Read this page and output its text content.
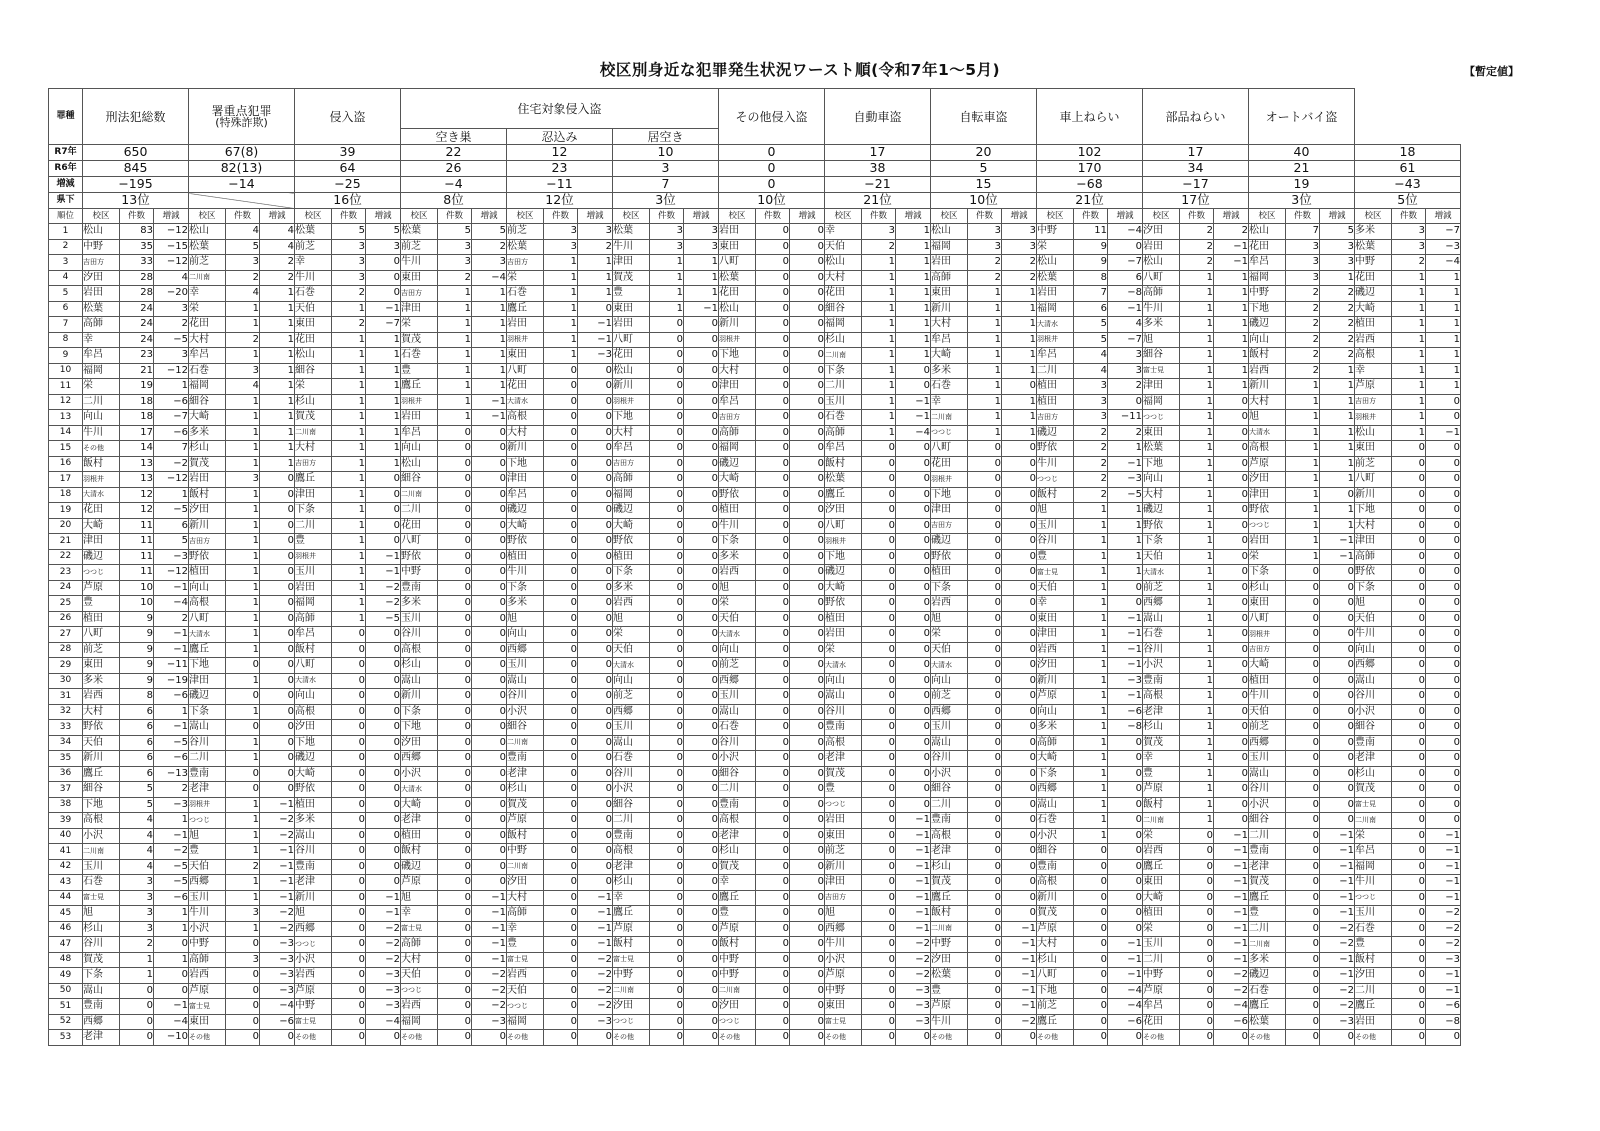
校区別身近な犯罪発生状況ワースト順(令和7年1～5月)	【暫定値】
罪種	刑法犯総数			署重点犯罪
(特殊詐欺)			侵入盗			住宅対象侵入盗									その他侵入盗			自動車盗			自転車盗			車上ねらい			部品ねらい			オートバイ盗					

										空き巣			忍込み			居空き																							
R7年	650			67(8)			39			22			12			10			0			17			20			102			17			40			18		
R6年	845			82(13)			64			26			23			3			0			38			5			170			34			21			61		
増減	−195			−14			−25			−4			−11			7			0			−21			15			−68			−17			19			−43		
県下	13位						16位			8位			12位			3位			10位			21位			10位			21位			17位			3位			5位		
順位	校区	件数	増減	校区	件数	増減	校区	件数	増減	校区	件数	増減	校区	件数	増減	校区	件数	増減	校区	件数	増減	校区	件数	増減	校区	件数	増減	校区	件数	増減	校区	件数	増減	校区	件数	増減	校区	件数	増減
1	松山	83	−12	松山	4	4	松葉	5	5	松葉	5	5	前芝	3	3	松葉	3	3	岩田	0	0	幸	3	1	松山	3	3	中野	11	−4	汐田	2	2	松山	7	5	多米	3	−7
2	中野	35	−15	松葉	5	4	前芝	3	3	前芝	3	2	松葉	3	2	牛川	3	3	東田	0	0	天伯	2	1	福岡	3	3	栄	9	0	岩田	2	−1	花田	3	3	松葉	3	−3
3	吉田方	33	−12	前芝	3	2	幸	3	0	牛川	3	3	吉田方	1	1	津田	1	1	八町	0	0	松山	1	1	岩田	2	2	松山	9	−7	松山	2	−1	牟呂	3	3	中野	2	−4
4	汐田	28	4	二川南	2	2	牛川	3	0	東田	2	−4	栄	1	1	賀茂	1	1	松葉	0	0	大村	1	1	高師	2	2	松葉	8	6	八町	1	1	福岡	3	1	花田	1	1
5	岩田	28	−20	幸	4	1	石巻	2	0	吉田方	1	1	石巻	1	1	豊	1	1	花田	0	0	花田	1	1	東田	1	1	岩田	7	−8	高師	1	1	中野	2	2	磯辺	1	1
6	松葉	24	3	栄	1	1	天伯	1	−1	津田	1	1	鷹丘	1	0	東田	1	−1	松山	0	0	細谷	1	1	新川	1	1	福岡	6	−1	牛川	1	1	下地	2	2	大崎	1	1
7	高師	24	2	花田	1	1	東田	2	−7	栄	1	1	岩田	1	−1	岩田	0	0	新川	0	0	福岡	1	1	大村	1	1	大清水	5	4	多米	1	1	磯辺	2	2	植田	1	1
8	幸	24	−5	大村	2	1	花田	1	1	賀茂	1	1	羽根井	1	−1	八町	0	0	羽根井	0	0	杉山	1	1	牟呂	1	1	羽根井	5	−7	旭	1	1	向山	2	2	岩西	1	1
9	牟呂	23	3	牟呂	1	1	松山	1	1	石巻	1	1	東田	1	−3	花田	0	0	下地	0	0	二川南	1	1	大崎	1	1	牟呂	4	3	細谷	1	1	飯村	2	2	高根	1	1
10	福岡	21	−12	石巻	3	1	細谷	1	1	豊	1	1	八町	0	0	松山	0	0	大村	0	0	下条	1	0	多米	1	1	二川	4	3	富士見	1	1	岩西	2	1	幸	1	1
11	栄	19	1	福岡	4	1	栄	1	1	鷹丘	1	1	花田	0	0	新川	0	0	津田	0	0	二川	1	0	石巻	1	0	植田	3	2	津田	1	1	新川	1	1	芦原	1	1
12	二川	18	−6	細谷	1	1	杉山	1	1	羽根井	1	−1	大清水	0	0	羽根井	0	0	牟呂	0	0	玉川	1	−1	幸	1	1	植田	3	0	福岡	1	0	大村	1	1	吉田方	1	0
13	向山	18	−7	大崎	1	1	賀茂	1	1	岩田	1	−1	高根	0	0	下地	0	0	吉田方	0	0	石巻	1	−1	二川南	1	1	吉田方	3	−11	つつじ	1	0	旭	1	1	羽根井	1	0
14	牛川	17	−6	多米	1	1	二川南	1	1	牟呂	0	0	大村	0	0	大村	0	0	高師	0	0	高師	1	−4	つつじ	1	1	磯辺	2	2	東田	1	0	大清水	1	1	松山	1	−1
15	その他	14	7	杉山	1	1	大村	1	1	向山	0	0	新川	0	0	牟呂	0	0	福岡	0	0	牟呂	0	0	八町	0	0	野依	2	1	松葉	1	0	高根	1	1	東田	0	0
16	飯村	13	−2	賀茂	1	1	吉田方	1	1	松山	0	0	下地	0	0	吉田方	0	0	磯辺	0	0	飯村	0	0	花田	0	0	牛川	2	−1	下地	1	0	芦原	1	1	前芝	0	0
17	羽根井	13	−12	岩田	3	0	鷹丘	1	0	細谷	0	0	津田	0	0	高師	0	0	大崎	0	0	松葉	0	0	羽根井	0	0	つつじ	2	−3	向山	1	0	汐田	1	1	八町	0	0
18	大清水	12	1	飯村	1	0	津田	1	0	二川南	0	0	牟呂	0	0	福岡	0	0	野依	0	0	鷹丘	0	0	下地	0	0	飯村	2	−5	大村	1	0	津田	1	0	新川	0	0
19	花田	12	−5	汐田	1	0	下条	1	0	二川	0	0	磯辺	0	0	磯辺	0	0	植田	0	0	汐田	0	0	津田	0	0	旭	1	1	磯辺	1	0	野依	1	1	下地	0	0
20	大崎	11	6	新川	1	0	二川	1	0	花田	0	0	大崎	0	0	大崎	0	0	牛川	0	0	八町	0	0	吉田方	0	0	玉川	1	1	野依	1	0	つつじ	1	1	大村	0	0
21	津田	11	5	吉田方	1	0	豊	1	0	八町	0	0	野依	0	0	野依	0	0	下条	0	0	羽根井	0	0	磯辺	0	0	谷川	1	1	下条	1	0	岩田	1	−1	津田	0	0
22	磯辺	11	−3	野依	1	0	羽根井	1	−1	野依	0	0	植田	0	0	植田	0	0	多米	0	0	下地	0	0	野依	0	0	豊	1	1	天伯	1	0	栄	1	−1	高師	0	0
23	つつじ	11	−12	植田	1	0	玉川	1	−1	中野	0	0	牛川	0	0	下条	0	0	岩西	0	0	磯辺	0	0	植田	0	0	富士見	1	1	大清水	1	0	下条	0	0	野依	0	0
24	芦原	10	−1	向山	1	0	岩田	1	−2	豊南	0	0	下条	0	0	多米	0	0	旭	0	0	大崎	0	0	下条	0	0	天伯	1	0	前芝	1	0	杉山	0	0	下条	0	0
25	豊	10	−4	高根	1	0	福岡	1	−2	多米	0	0	多米	0	0	岩西	0	0	栄	0	0	野依	0	0	岩西	0	0	幸	1	0	西郷	1	0	東田	0	0	旭	0	0
26	植田	9	2	八町	1	0	高師	1	−5	玉川	0	0	旭	0	0	旭	0	0	天伯	0	0	植田	0	0	旭	0	0	東田	1	−1	嵩山	1	0	八町	0	0	天伯	0	0
27	八町	9	−1	大清水	1	0	牟呂	0	0	谷川	0	0	向山	0	0	栄	0	0	大清水	0	0	岩田	0	0	栄	0	0	津田	1	−1	石巻	1	0	羽根井	0	0	牛川	0	0
28	前芝	9	−1	鷹丘	1	0	飯村	0	0	高根	0	0	西郷	0	0	天伯	0	0	向山	0	0	栄	0	0	天伯	0	0	岩西	1	−1	谷川	1	0	吉田方	0	0	向山	0	0
29	東田	9	−11	下地	0	0	八町	0	0	杉山	0	0	玉川	0	0	大清水	0	0	前芝	0	0	大清水	0	0	大清水	0	0	汐田	1	−1	小沢	1	0	大崎	0	0	西郷	0	0
30	多米	9	−19	津田	1	0	大清水	0	0	嵩山	0	0	嵩山	0	0	向山	0	0	西郷	0	0	向山	0	0	向山	0	0	新川	1	−3	豊南	1	0	植田	0	0	嵩山	0	0
31	岩西	8	−6	磯辺	0	0	向山	0	0	新川	0	0	谷川	0	0	前芝	0	0	玉川	0	0	嵩山	0	0	前芝	0	0	芦原	1	−1	高根	1	0	牛川	0	0	谷川	0	0
32	大村	6	1	下条	1	0	高根	0	0	下条	0	0	小沢	0	0	西郷	0	0	嵩山	0	0	谷川	0	0	西郷	0	0	向山	1	−6	老津	1	0	天伯	0	0	小沢	0	0
33	野依	6	−1	嵩山	0	0	汐田	0	0	下地	0	0	細谷	0	0	玉川	0	0	石巻	0	0	豊南	0	0	玉川	0	0	多米	1	−8	杉山	1	0	前芝	0	0	細谷	0	0
34	天伯	6	−5	谷川	1	0	下地	0	0	汐田	0	0	二川南	0	0	嵩山	0	0	谷川	0	0	高根	0	0	嵩山	0	0	高師	1	0	賀茂	1	0	西郷	0	0	豊南	0	0
35	新川	6	−6	二川	1	0	磯辺	0	0	西郷	0	0	豊南	0	0	石巻	0	0	小沢	0	0	老津	0	0	谷川	0	0	大崎	1	0	幸	1	0	玉川	0	0	老津	0	0
36	鷹丘	6	−13	豊南	0	0	大崎	0	0	小沢	0	0	老津	0	0	谷川	0	0	細谷	0	0	賀茂	0	0	小沢	0	0	下条	1	0	豊	1	0	嵩山	0	0	杉山	0	0
37	細谷	5	2	老津	0	0	野依	0	0	大清水	0	0	杉山	0	0	小沢	0	0	二川	0	0	豊	0	0	細谷	0	0	西郷	1	0	芦原	1	0	谷川	0	0	賀茂	0	0
38	下地	5	−3	羽根井	1	−1	植田	0	0	大崎	0	0	賀茂	0	0	細谷	0	0	豊南	0	0	つつじ	0	0	二川	0	0	嵩山	1	0	飯村	1	0	小沢	0	0	富士見	0	0
39	高根	4	1	つつじ	1	−2	多米	0	0	老津	0	0	芦原	0	0	二川	0	0	高根	0	0	岩田	0	−1	豊南	0	0	石巻	1	0	二川南	1	0	細谷	0	0	二川南	0	0
40	小沢	4	−1	旭	1	−2	嵩山	0	0	植田	0	0	飯村	0	0	豊南	0	0	老津	0	0	東田	0	−1	高根	0	0	小沢	1	0	栄	0	−1	二川	0	−1	栄	0	−1
41	二川南	4	−2	豊	1	−1	谷川	0	0	飯村	0	0	中野	0	0	高根	0	0	杉山	0	0	前芝	0	−1	老津	0	0	細谷	0	0	岩西	0	−1	豊南	0	−1	牟呂	0	−1
42	玉川	4	−5	天伯	2	−1	豊南	0	0	磯辺	0	0	二川南	0	0	老津	0	0	賀茂	0	0	新川	0	−1	杉山	0	0	豊南	0	0	鷹丘	0	−1	老津	0	−1	福岡	0	−1
43	石巻	3	−5	西郷	1	−1	老津	0	0	芦原	0	0	汐田	0	0	杉山	0	0	幸	0	0	津田	0	−1	賀茂	0	0	高根	0	0	東田	0	−1	賀茂	0	−1	牛川	0	−1
44	富士見	3	−6	玉川	1	−1	新川	0	−1	旭	0	−1	大村	0	−1	幸	0	0	鷹丘	0	0	吉田方	0	−1	鷹丘	0	0	新川	0	0	大崎	0	−1	鷹丘	0	−1	つつじ	0	−1
45	旭	3	1	牛川	3	−2	旭	0	−1	幸	0	−1	高師	0	−1	鷹丘	0	0	豊	0	0	旭	0	−1	飯村	0	0	賀茂	0	0	植田	0	−1	豊	0	−1	玉川	0	−2
46	杉山	3	1	小沢	1	−2	西郷	0	−2	富士見	0	−1	幸	0	−1	芦原	0	0	芦原	0	0	西郷	0	−1	二川南	0	−1	芦原	0	0	栄	0	−1	二川	0	−2	石巻	0	−2
47	谷川	2	0	中野	0	−3	つつじ	0	−2	高師	0	−1	豊	0	−1	飯村	0	0	飯村	0	0	牛川	0	−2	中野	0	−1	大村	0	−1	玉川	0	−1	二川南	0	−2	豊	0	−2
48	賀茂	1	1	高師	3	−3	小沢	0	−2	大村	0	−1	富士見	0	−2	富士見	0	0	中野	0	0	小沢	0	−2	汐田	0	−1	杉山	0	−1	二川	0	−1	多米	0	−1	飯村	0	−3
49	下条	1	0	岩西	0	−3	岩西	0	−3	天伯	0	−2	岩西	0	−2	中野	0	0	中野	0	0	芦原	0	−2	松葉	0	−1	八町	0	−1	中野	0	−2	磯辺	0	−1	汐田	0	−1
50	嵩山	0	0	芦原	0	−3	芦原	0	−3	つつじ	0	−2	天伯	0	−2	二川南	0	0	二川南	0	0	中野	0	−3	豊	0	−1	下地	0	−4	芦原	0	−2	石巻	0	−2	二川	0	−1
51	豊南	0	−1	富士見	0	−4	中野	0	−3	岩西	0	−2	つつじ	0	−2	汐田	0	0	汐田	0	0	東田	0	−3	芦原	0	−1	前芝	0	−4	牟呂	0	−4	鷹丘	0	−2	鷹丘	0	−6
52	西郷	0	−4	東田	0	−6	富士見	0	−4	福岡	0	−3	福岡	0	−3	つつじ	0	0	つつじ	0	0	富士見	0	−3	牛川	0	−2	鷹丘	0	−6	花田	0	−6	松葉	0	−3	岩田	0	−8
53	老津	0	−10	その他	0	0	その他	0	0	その他	0	0	その他	0	0	その他	0	0	その他	0	0	その他	0	0	その他	0	0	その他	0	0	その他	0	0	その他	0	0	その他	0	0
